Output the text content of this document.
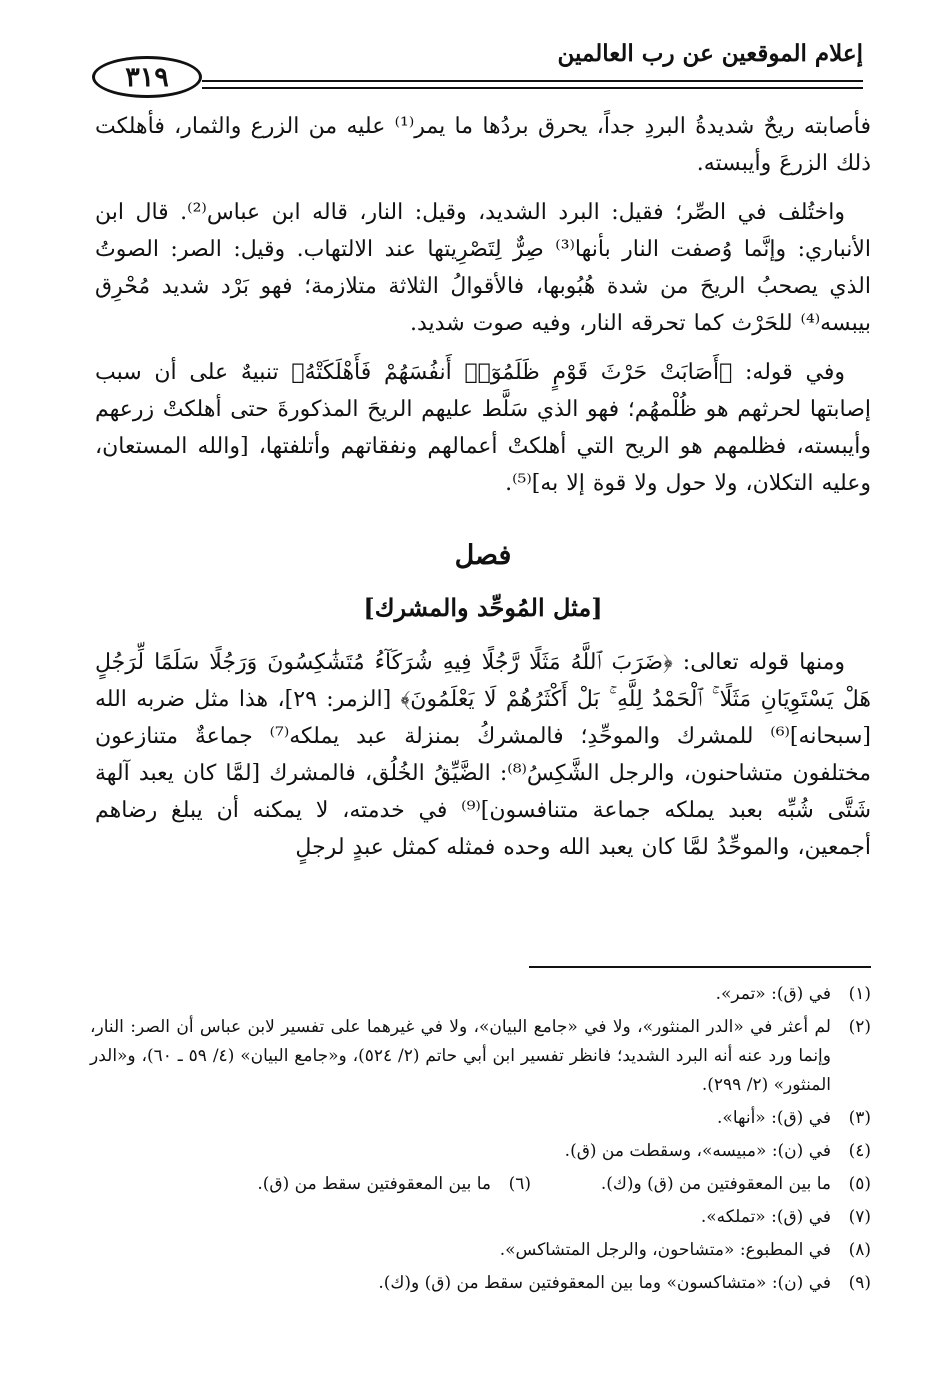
إعلام الموقعين عن رب العالمين
٣١٩

فأصابته ريحٌ شديدةُ البردِ جداً، يحرق بردُها ما يمر⁽¹⁾ عليه من الزرع والثمار، فأهلكت ذلك الزرعَ وأيبسته.

واختُلف في الصِّر؛ فقيل: البرد الشديد، وقيل: النار، قاله ابن عباس⁽²⁾. قال ابن الأنباري: وإنَّما وُصفت النار بأنها⁽³⁾ صِرٌّ لِتَصْرِيتها عند الالتهاب. وقيل: الصر: الصوتُ الذي يصحبُ الريحَ من شدة هُبُوبها، فالأقوالُ الثلاثة متلازمة؛ فهو بَرْد شديد مُحْرِق بيبسه⁽⁴⁾ للحَرْث كما تحرقه النار، وفيه صوت شديد.

وفي قوله: ﴿أَصَابَتْ حَرْثَ قَوْمٍ ظَلَمُوٓا۟ أَنفُسَهُمْ فَأَهْلَكَتْهُ﴾ تنبيهٌ على أن سبب إصابتها لحرثهم هو ظُلْمهُم؛ فهو الذي سَلَّط عليهم الريحَ المذكورةَ حتى أهلكتْ زرعهم وأيبسته، فظلمهم هو الريح التي أهلكتْ أعمالهم ونفقاتهم وأتلفتها، [والله المستعان، وعليه التكلان، ولا حول ولا قوة إلا به]⁽⁵⁾.

فصل
[مثل المُوحِّد والمشرك]

ومنها قوله تعالى: ﴿ضَرَبَ ٱللَّهُ مَثَلًا رَّجُلًا فِيهِ شُرَكَآءُ مُتَشَٰكِسُونَ وَرَجُلًا سَلَمًا لِّرَجُلٍ هَلْ يَسْتَوِيَانِ مَثَلًا ۚ ٱلْحَمْدُ لِلَّهِ ۚ بَلْ أَكْثَرُهُمْ لَا يَعْلَمُونَ﴾ [الزمر: ٢٩]، هذا مثل ضربه الله [سبحانه]⁽⁶⁾ للمشرك والموحِّدِ؛ فالمشركُ بمنزلة عبد يملكه⁽⁷⁾ جماعةٌ متنازعون مختلفون متشاحنون، والرجل الشَّكِسُ⁽⁸⁾: الضَّيِّقُ الخُلُق، فالمشرك [لمَّا كان يعبد آلهة شَتَّى شُبِّه بعبد يملكه جماعة متنافسون]⁽⁹⁾ في خدمته، لا يمكنه أن يبلغ رضاهم أجمعين، والموحِّدُ لمَّا كان يعبد الله وحده فمثله كمثل عبدٍ لرجلٍ

(١)
في (ق): «تمر».
(٢)
لم أعثر في «الدر المنثور»، ولا في «جامع البيان»، ولا في غيرهما على تفسير لابن عباس أن الصر: النار، وإنما ورد عنه أنه البرد الشديد؛ فانظر تفسير ابن أبي حاتم (٢/ ٥٢٤)، و«جامع البيان» (٤/ ٥٩ ـ ٦٠)، و«الدر المنثور» (٢/ ٢٩٩).
(٣)
في (ق): «أنها».
(٤)
في (ن): «مبيسه»، وسقطت من (ق).
(٥)
ما بين المعقوفتين من (ق) و(ك).
(٦)
ما بين المعقوفتين سقط من (ق).
(٧)
في (ق): «تملكه».
(٨)
في المطبوع: «متشاحون، والرجل المتشاكس».
(٩)
في (ن): «متشاكسون» وما بين المعقوفتين سقط من (ق) و(ك).
